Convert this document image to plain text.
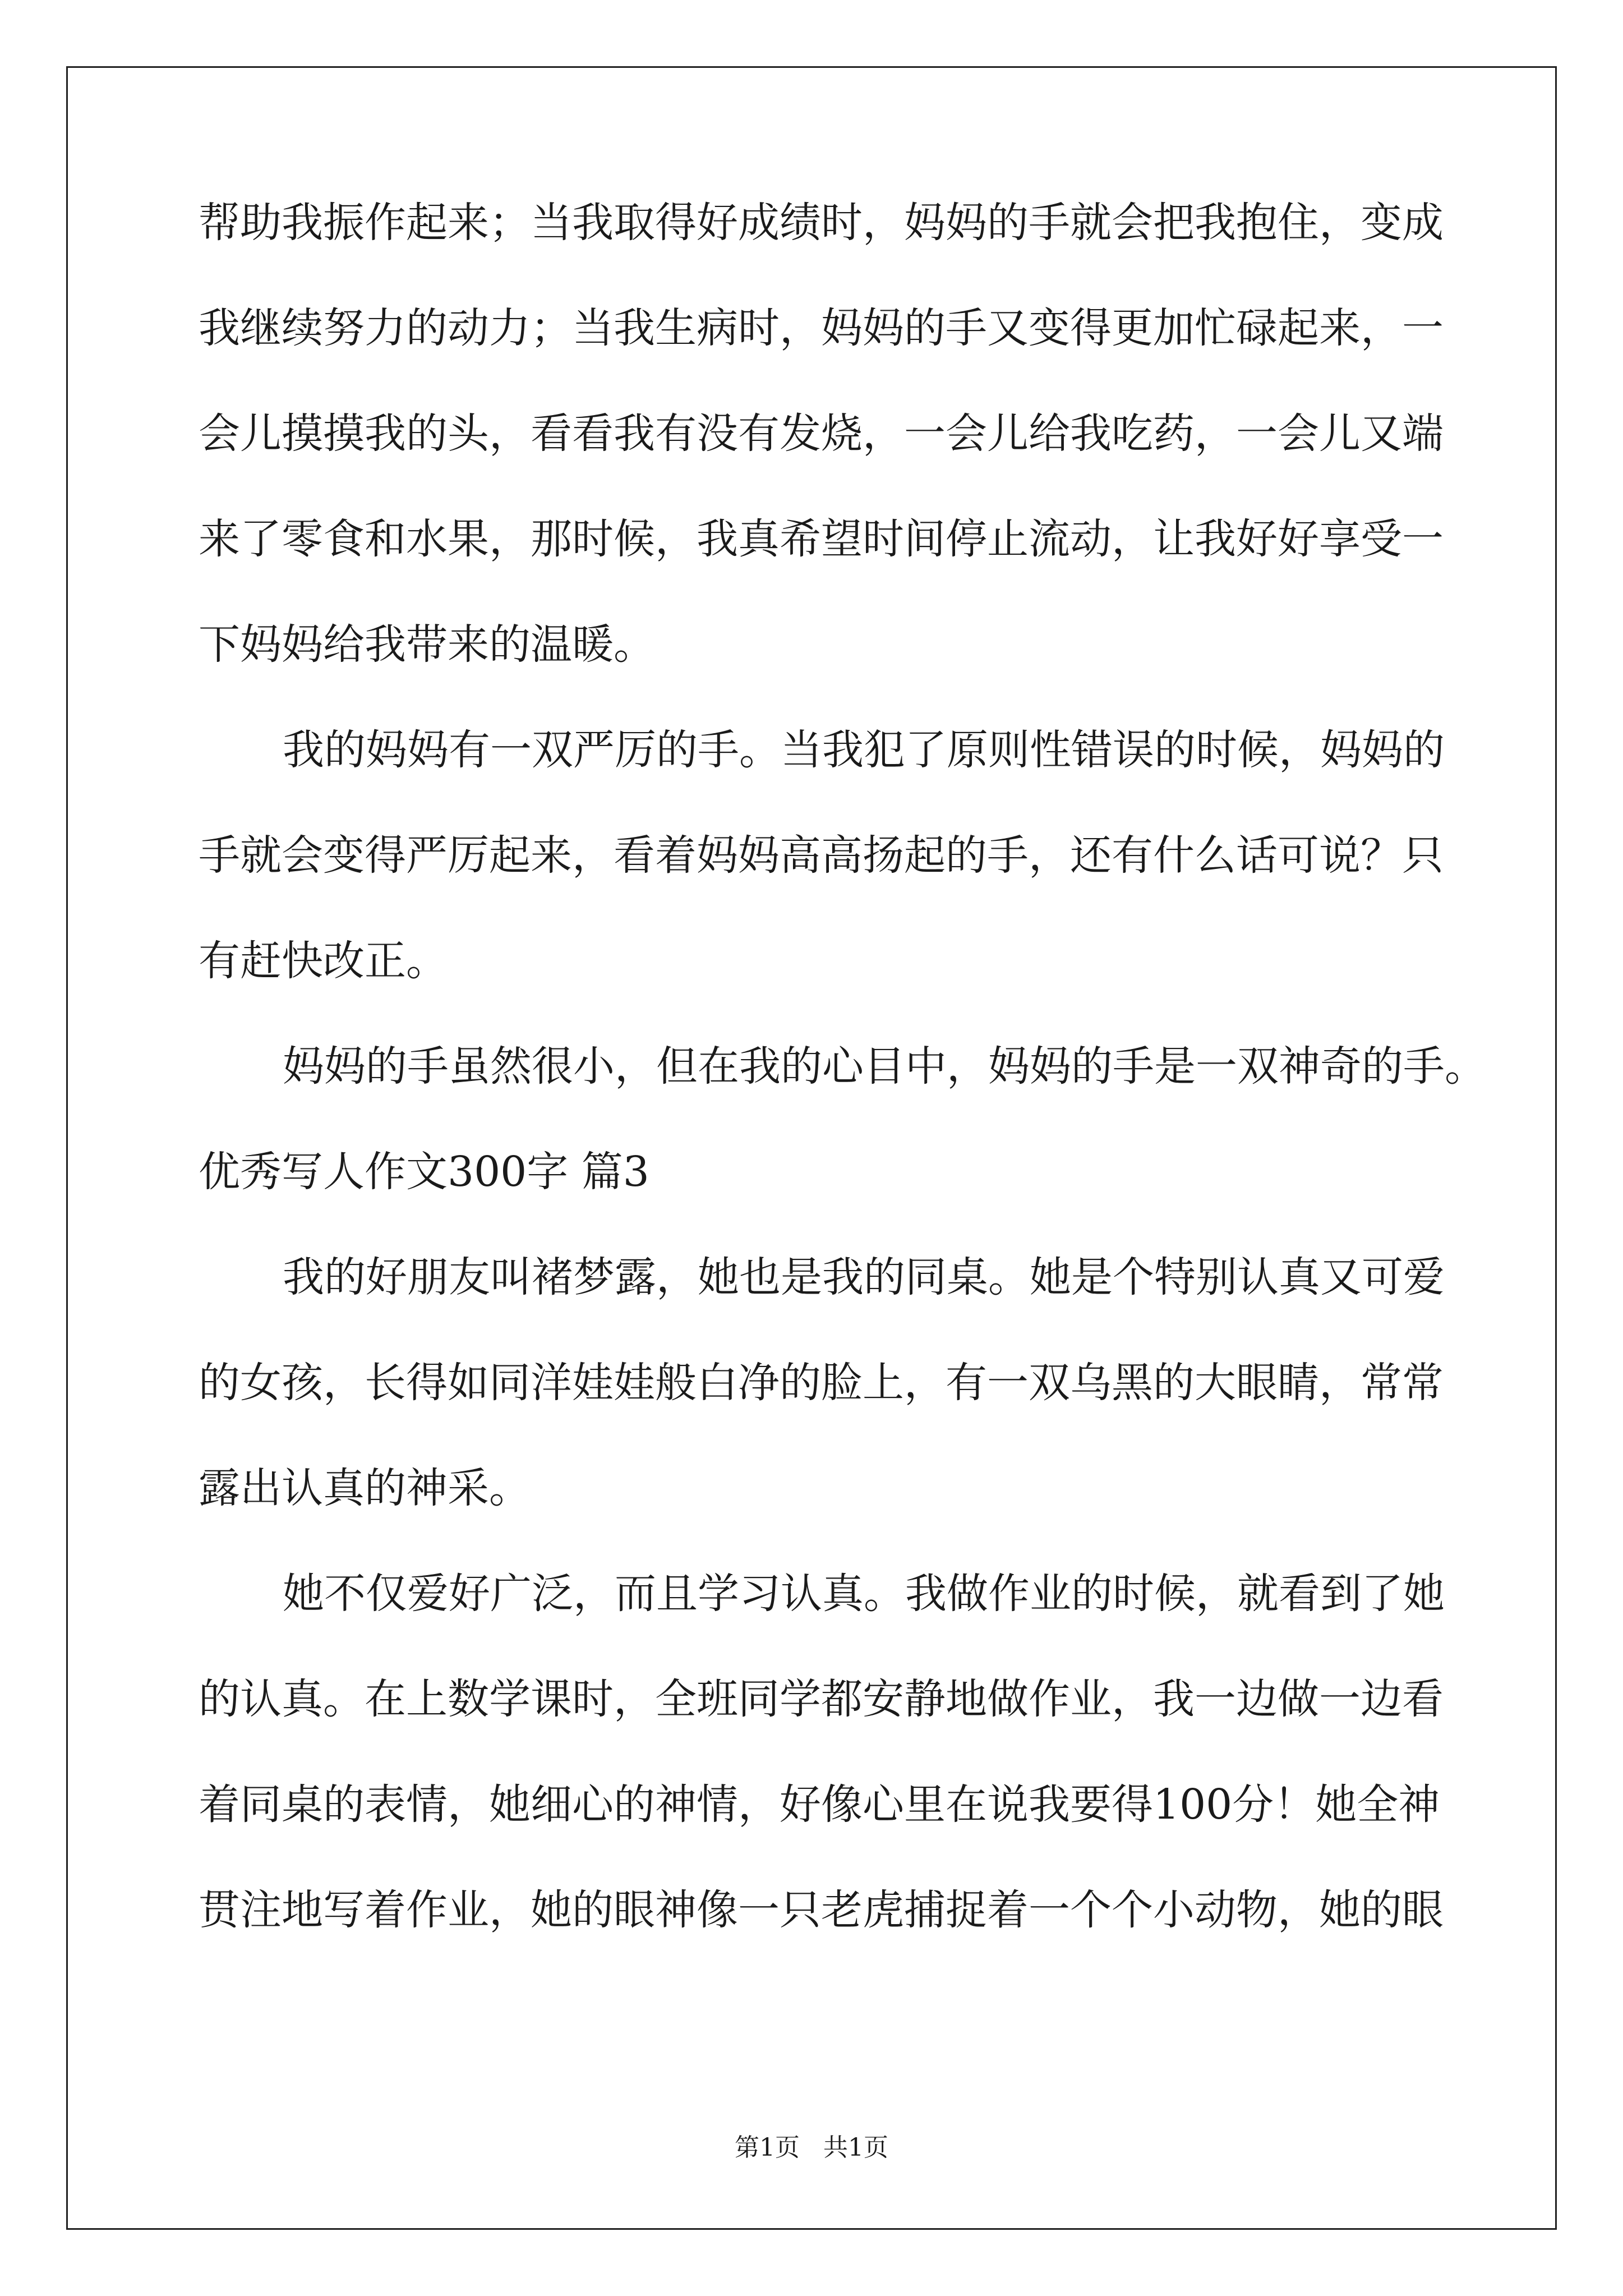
帮助我振作起来；当我取得好成绩时，妈妈的手就会把我抱住，变成
我继续努力的动力；当我生病时，妈妈的手又变得更加忙碌起来，一
会儿摸摸我的头，看看我有没有发烧，一会儿给我吃药，一会儿又端
来了零食和水果，那时候，我真希望时间停止流动，让我好好享受一
下妈妈给我带来的温暖。
我的妈妈有一双严厉的手。当我犯了原则性错误的时候，妈妈的
手就会变得严厉起来，看着妈妈高高扬起的手，还有什么话可说？只
有赶快改正。
妈妈的手虽然很小，但在我的心目中，妈妈的手是一双神奇的手。
优秀写人作文300字 篇3
我的好朋友叫褚梦露，她也是我的同桌。她是个特别认真又可爱
的女孩，长得如同洋娃娃般白净的脸上，有一双乌黑的大眼睛，常常
露出认真的神采。
她不仅爱好广泛，而且学习认真。我做作业的时候，就看到了她
的认真。在上数学课时，全班同学都安静地做作业，我一边做一边看
着同桌的表情，她细心的神情，好像心里在说我要得100分！她全神
贯注地写着作业，她的眼神像一只老虎捕捉着一个个小动物，她的眼
第1页   共1页
